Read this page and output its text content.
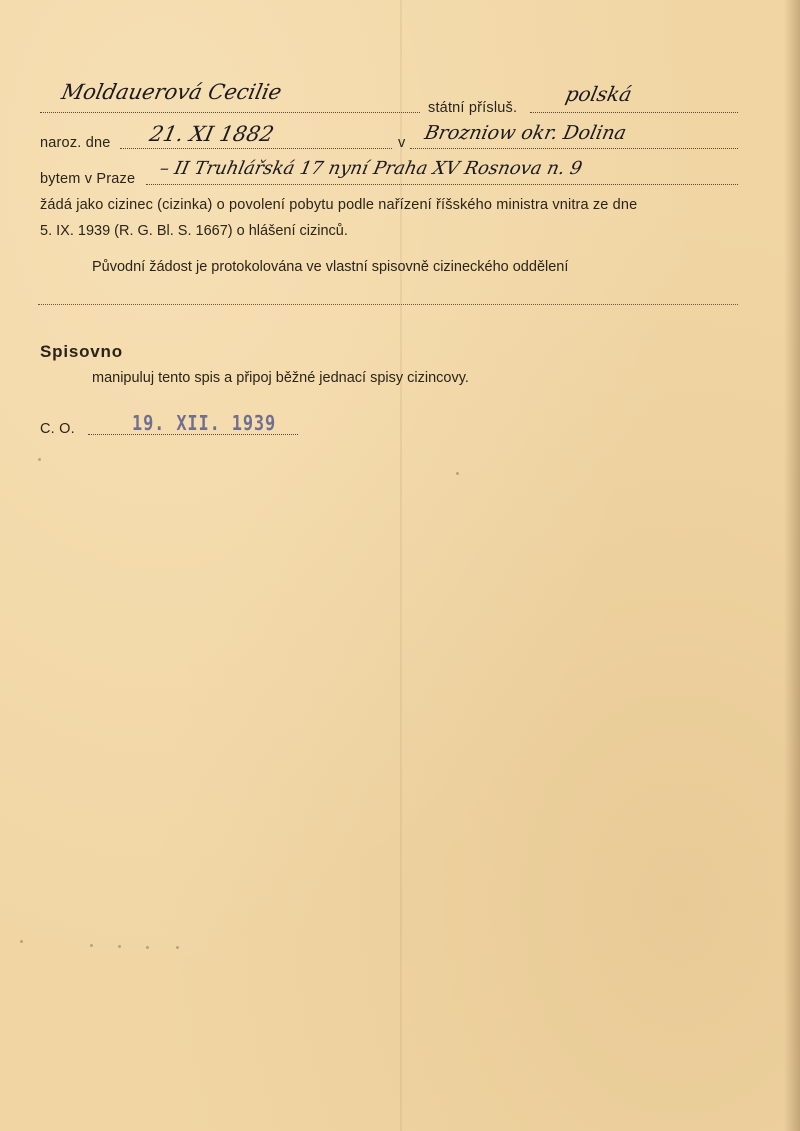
Moldauerová Cecilie
státní přísluš.
polská
naroz. dne 21. XI 1882	v Brozniow okr. Dolina
bytem v Praze – II Truhlářská 17 nyní Praha XV Rosnova n. 9
žádá jako cizinec (cizinka) o povolení pobytu podle nařízení říšského ministra vnitra ze dne
5. IX. 1939 (R. G. Bl. S. 1667) o hlášení cizinců.
Původní žádost je protokolována ve vlastní spisovně cizineckého oddělení
Spisovno
manipuluj tento spis a připoj běžné jednací spisy cizincovy.
C. O.	19. XII. 1939
